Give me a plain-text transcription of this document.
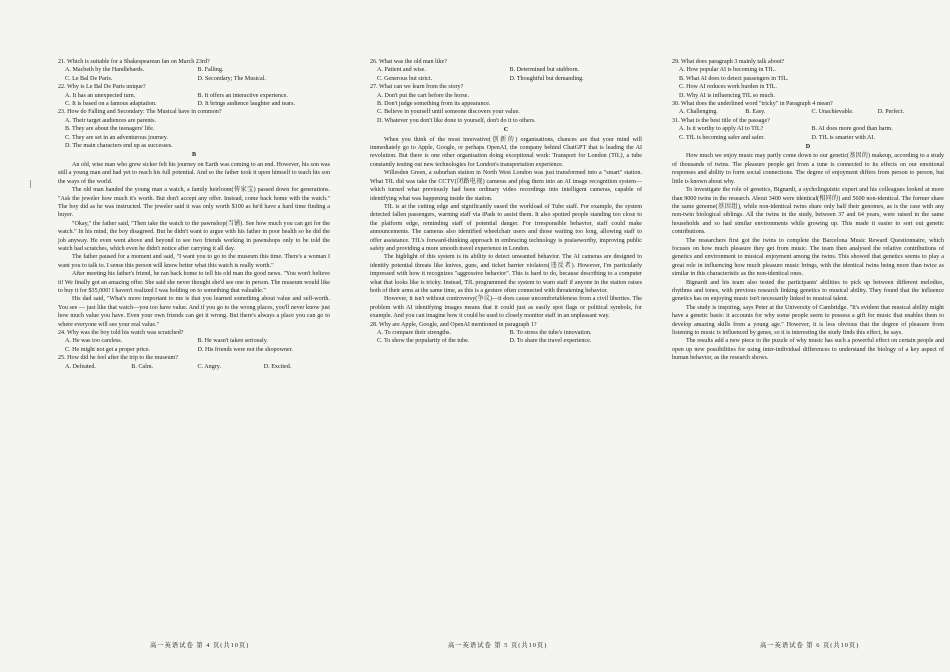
21. Which is suitable for a Shakespearean fan on March 23rd?

A. Macbeth by the Handlebards.	B. Falling.
C. Le Bal De Paris.	D. Secondary; The Musical.

22. Why is Le Bal De Paris unique?

A. It has an unexpected turn.	B. It offers an interactive experience.
C. It is based on a famous adaptation.	D. It brings audience laughter and tears.

23. How do Falling and Secondary: The Musical have in common?

A. Their target audiences are parents.
B. They are about the teenagers' life.
C. They are set in an adventurous journey.
D. The main characters end up as successes.
B

An old, wise man who grew sicker felt his journey on Earth was coming to an end. However, his son was still a young man and had yet to reach his full potential. And so the father took it upon himself to teach his son the ways of the world.

The old man handed the young man a watch, a family heirloom(传家宝) passed down for generations. "Ask the jeweler how much it's worth. But don't accept any offer. Instead, come back home with the watch." The boy did as he was instructed. The jeweler said it was only worth $100 as he'd have a hard time finding a buyer.

"Okay," the father said, "Then take the watch to the pawnshop(当铺). See how much you can get for the watch." In his mind, the boy disagreed. But he didn't want to argue with his father in poor health so he did the job anyway. He even went above and beyond to see two friends working in pawnshops only to be told the watch had scratches, which even he didn't notice after carrying it all day.

The father paused for a moment and said, "I want you to go to the museum this time. There's a woman I want you to talk to. I sense this person will know better what this watch is really worth."

After meeting his father's friend, he ran back home to tell his old man the good news. "You won't believe it! We finally got an amazing offer. She said she never thought she'd see one in person. The museum would like to buy it for $35,000! I haven't realized I was holding on to something that valuable."

His dad said, "What's more important to me is that you learned something about value and self-worth. You see — just like that watch—you too have value. And if you go to the wrong places, you'll never know just how much value you have. Even your own friends can get it wrong. But there's always a place you can go to where everyone will see your real value."

24. Why was the boy told his watch was scratched?

A. He was too careless.	B. He wasn't taken seriously.
C. He might not get a proper price.	D. His friends were not the shopowner.

25. How did he feel after the trip to the museum?

A. Defeated.	B. Calm.	C. Angry.	D. Excited.

26. What was the old man like?

A. Patient and wise.	B. Determined but stubborn.
C. Generous but strict.	D. Thoughtful but demanding.

27. What can we learn from the story?

A. Don't put the cart before the horse.
B. Don't judge something from its appearance.
C. Believe in yourself until someone discovers your value.
D. Whatever you don't like done to yourself, don't do it to others.
C

When you think of the most innovative(创新的) organisations, chances are that your mind will immediately go to Apple, Google, or perhaps OpenAI, the company behind ChatGPT that is leading the AI revolution. But there is one other organisation doing exceptional work: Transport for London (TfL), a tube constantly testing out new technologies for London's transportation experience.

Willesden Green, a suburban station in North West London was just transformed into a "smart" station. What TfL did was take the CCTV(闭路电视) cameras and plug them into an AI image recognition system—which turned what previously had been ordinary video recordings into intelligent cameras, capable of identifying what was happening inside the station.

TfL is at the cutting edge and significantly eased the workload of Tube staff. For example, the system detected fallen passengers, warning staff via iPads to assist them. It also spotted people standing too close to the platform edge, reminding staff of potential danger. For irresponsible behavior, staff could make announcements. The cameras also identified wheelchair users and those waiting too long, allowing staff to offer assistance. TfL's forward-thinking approach in embracing technology is praiseworthy, improving public safety and providing a more smooth travel experience in London.

The highlight of this system is its ability to detect unwanted behavior. The AI cameras are designed to identify potential threats like knives, guns, and ticket barrier violators(违反者). However, I'm particularly impressed with how it recognizes "aggressive behavior". This is hard to do, because describing to a computer what that looks like is tricky. Instead, TfL programmed the system to warn staff if anyone in the station raises both of their arms at the same time, as this is a gesture often connected with threatening behavior.

However, it isn't without controversy(争议)—it does cause uncomfortableness from a civil liberties. The problem with AI identifying images means that it could just as easily spot flags or political symbols, for example. And you can imagine how it could be used to closely monitor staff in an unpleasant way.

28. Why are Apple, Google, and OpenAI mentioned in paragraph 1?

A. To compare their strengths.	B. To stress the tube's innovation.
C. To show the popularity of the tube.	D. To share the travel experience.

29. What does paragraph 3 mainly talk about?

A. How popular AI is becoming in TfL.
B. What AI does to detect passengers in TfL.
C. How AI reduces work burden in TfL.
D. Why AI is influencing TfL so much.

30. What does the underlined word "tricky" in Paragraph 4 mean?

A. Challenging.	B. Easy.	C. Unachievable.	D. Perfect.

31. What is the best title of the passage?

A. Is it worthy to apply AI to TfL?	B. AI does more good than harm.
C. TfL is becoming safer and safer.	D. TfL is smarter with AI.
D

How much we enjoy music may partly come down to our genetic(基因的) makeup, according to a study of thousands of twins. The pleasure people get from a tune is connected to its effects on our emotional responses and ability to form social connections. The degree of enjoyment differs from person to person, but little is known about why.

To investigate the role of genetics, Bignardi, a sycholinguistic expert and his colleagues looked at more than 9000 twins in the research. About 3400 were identical(相同的) and 5600 non-identical. The former share the same genome(基因组), while non-identical twins share only half their genomes, as is the case with any non-twin biological siblings. All the twins in the study, between 37 and 64 years, were raised in the same households and so had similar environments while growing up. This made it easier to sort out genetic contributions.

The researchers first got the twins to complete the Barcelona Music Reward Questionnaire, which focuses on how much pleasure they get from music. The team then analysed the relative contributions of genetics and environment to musical enjoyment among the twins. This showed that genetics seems to play a great role in influencing how much pleasure music brings, with the identical twins being more than twice as similar in this characteristic as the non-identical ones.

Bignardi and his team also tested the participants' abilities to pick up between different melodies, rhythms and tones, with previous research linking genetics to musical ability. They found that the influence genetics has on enjoying music isn't necessarily linked to musical talent.

The study is inspiring, says Peter at the University of Cambridge. "It's evident that musical ability might have a genetic basis: it accounts for why some people seem to possess a gift for music that enables them to develop amazing skills from a young age." However, it is less obvious that the degree of pleasure from listening to music is influenced by genes, so it is interesting the study finds this effect, he says.

The results add a new piece to the puzzle of why music has such a powerful effect on certain people and open up new possibilities for using inter-individual differences to understand the biology of a key aspect of human behavior, as the research shows.

高一英语试卷 第 4 页(共10页)	高一英语试卷 第 5 页(共10页)	高一英语试卷 第 6 页(共10页)
